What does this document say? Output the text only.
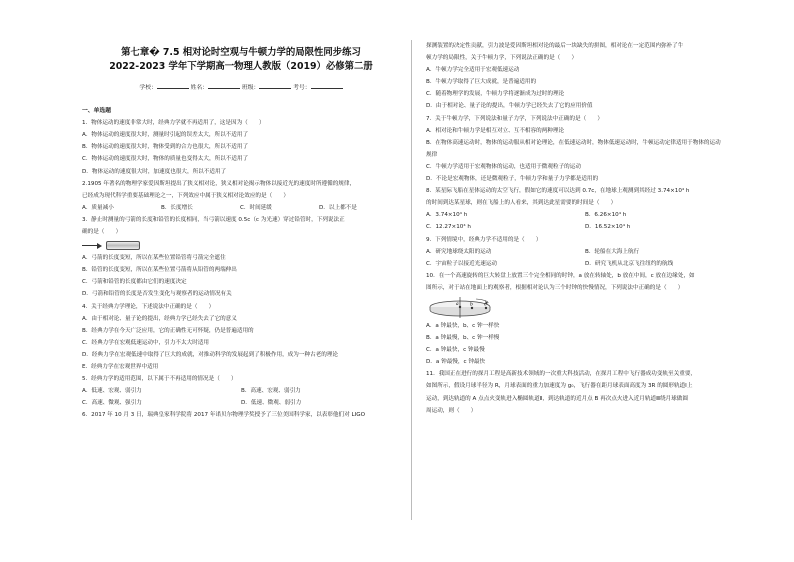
第七章� 7.5 相对论时空观与牛顿力学的局限性同步练习
2022-2023 学年下学期高一物理人教版（2019）必修第二册
学校：	姓名：	班级：	考号：
一、单选题
1．物体运动的速度非常大时，经典力学就不再适用了，这是因为（　　）
A．物体运动的速度很大时，测量时引起的误差太大，所以不适用了
B．物体运动的速度很大时，物体受到的合力也很大，所以不适用了
C．物体运动的速度很大时，物体的质量也变得太大，所以不适用了
D．物体运动的速度很大时，加速度也很大，所以不适用了
2.1905 年著名的物理学家爱因斯坦提出了狭义相对论，狭义相对论揭示物体以接近光的速度时所遵循的规律，
已经成为现代科学重要基础理论之一，下列效应中属于狭义相对论效应的是（　　）
A．质量减小	B．长度增长	C．时间延缓	D．以上都不是
3．静止时测量的弓箭的长度和铅管的长度相同，当弓箭以速度 0.5c（c 为光速）穿过铅管时，下列说法正
确的是（　　）
A．弓箭的长度变短，所以在某些位置铅管将弓箭完全遮住
B．铅管的长度变短，所以在某些位置弓箭将从铅管的两端伸出
C．弓箭和铅管的长度都由它们的速度决定
D．弓箭和铅管的长度是否发生变化与观察者的运动情况有关
4．关于经典力学理论，下述说法中正确的是（　　）
A．由于相对论、量子论的提出，经典力学已经失去了它的意义
B．经典力学在今天广泛应用，它的正确性无可怀疑，仍是普遍适用的
C．经典力学在宏观低速运动中，引力不太大时适用
D．经典力学在宏观低速中取得了巨大的成就，对推动科学的发展起到了积极作用，成为一种古老的理论
E．经典力学在宏观世界中适用
5．经典力学的适用范围，以下属于不再适用的情况是（　　）
A．低速、宏观、弱引力	B．高速、宏观、弱引力
C．高速、微观、强引力	D．低速、微观、弱引力
6．2017 年 10 月 3 日，瑞典皇家科学院将 2017 年诺贝尔物理学奖授予了三位美国科学家，以表彰他们对 LIGO
探测装置的决定性贡献，引力波是爱因斯坦相对论的最后一块缺失的拼图，相对论在一定范围内弥补了牛
顿力学的局限性，关于牛顿力学，下列说法正确的是（　　）
A．牛顿力学完全适用于宏观低速运动
B．牛顿力学取得了巨大成就，是普遍适用的
C．随着物理学的发展，牛顿力学将逐渐成为过时的理论
D．由于相对论、量子论的提出，牛顿力学已经失去了它的应用价值
7．关于牛顿力学，下列说法和量子力学，下列说法中正确的是（　　）
A．相对论和牛顿力学是相互对立、互不相容的两种理论
B．在物体高速运动时，物体的运动服从相对论理论，在低速运动时，物体低速运动时，牛顿运动定律适用于物体的运动
规律
C．牛顿力学适用于宏观物体的运动，也适用于微观粒子的运动
D．不论是宏观物体，还是微观粒子，牛顿力学和量子力学都是适用的
8．某星际飞船在星体运动的太空飞行，假如它的速度可以达到 0.7c，在地球上观测到其经过 3.74×10⁴ h
的时间到达某星球，则在飞船上的人看来，其到达此星需要的时间是（　　）
A．3.74×10⁴ h	B．6.26×10⁴ h
C．12.27×10⁴ h	D．16.52×10⁴ h
9．下列情境中，经典力学不适用的是（　　）
A．研究地球绕太阳的运动	B．轮船在大海上航行
C．宇宙粒子以接近光速运动	D．研究飞机从北京飞往纽约的航线
10．在一个高速旋转的巨大转盘上放置三个完全相同的时钟，a 放在转轴处，b 放在中间，c 放在边缘处，如
图所示，对于站在地面上的观察者，根据相对论认为三个时钟的快慢情况，下列说法中正确的是（　　）
a	b c
A．a 钟最快，b、c 钟一样快
B．a 钟最慢，b、c 钟一样慢
C．a 钟最快，c 钟最慢
D．a 钟最慢，c 钟最快
11．我国正在进行的探月工程是高新技术领域的一次重大科技活动，在探月工程中飞行器成功变轨至关重要，
如图所示，假设月球半径为 R，月球表面的重力加速度为 g₀，飞行器在距月球表面高度为 3R 的圆形轨道Ⅰ上
运动，到达轨道的 A 点点火变轨进入椭圆轨道Ⅱ，到达轨道的近月点 B 再次点火进入近月轨道Ⅲ绕月球做圆
周运动，则（　　）
